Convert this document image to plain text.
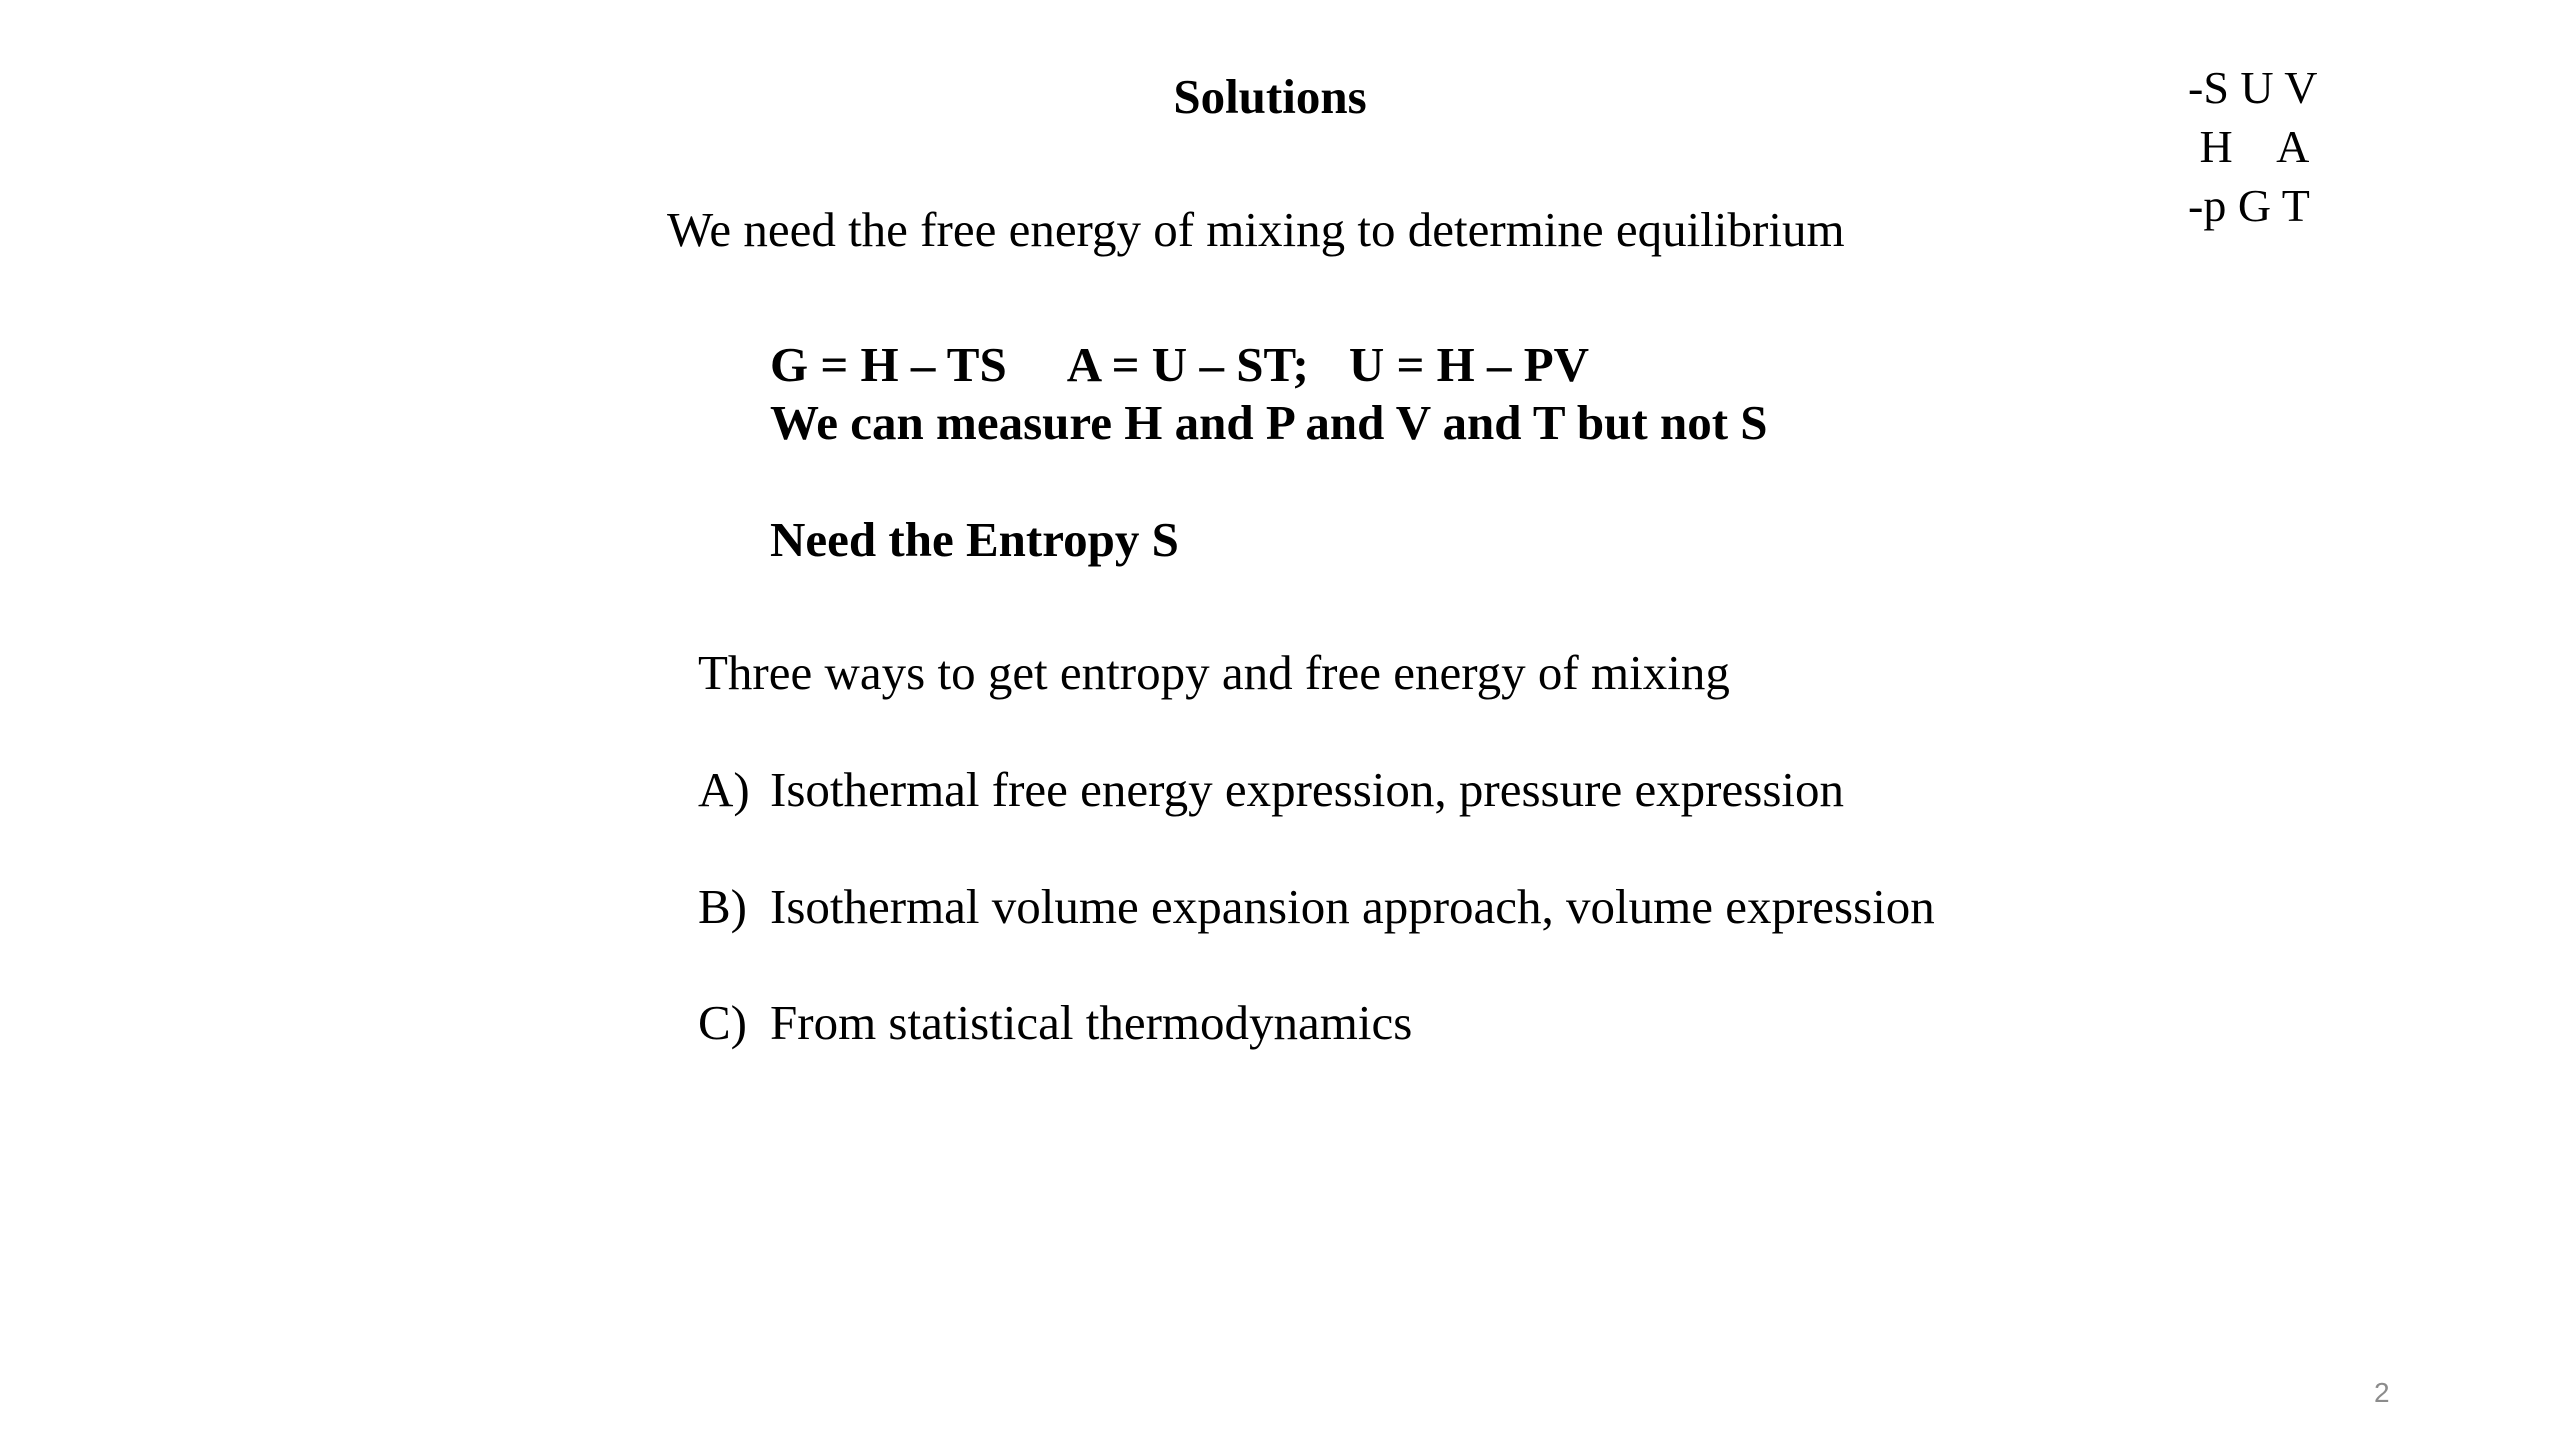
Solutions	-S U V
H    A
-p G T
We need the free energy of mixing to determine equilibrium
G = H – TS A = U – ST; U = H – PV
We can measure H and P and V and T but not S
Need the Entropy S
Three ways to get entropy and free energy of mixing
A) Isothermal free energy expression, pressure expression
B) Isothermal volume expansion approach, volume expression
C) From statistical thermodynamics
2
